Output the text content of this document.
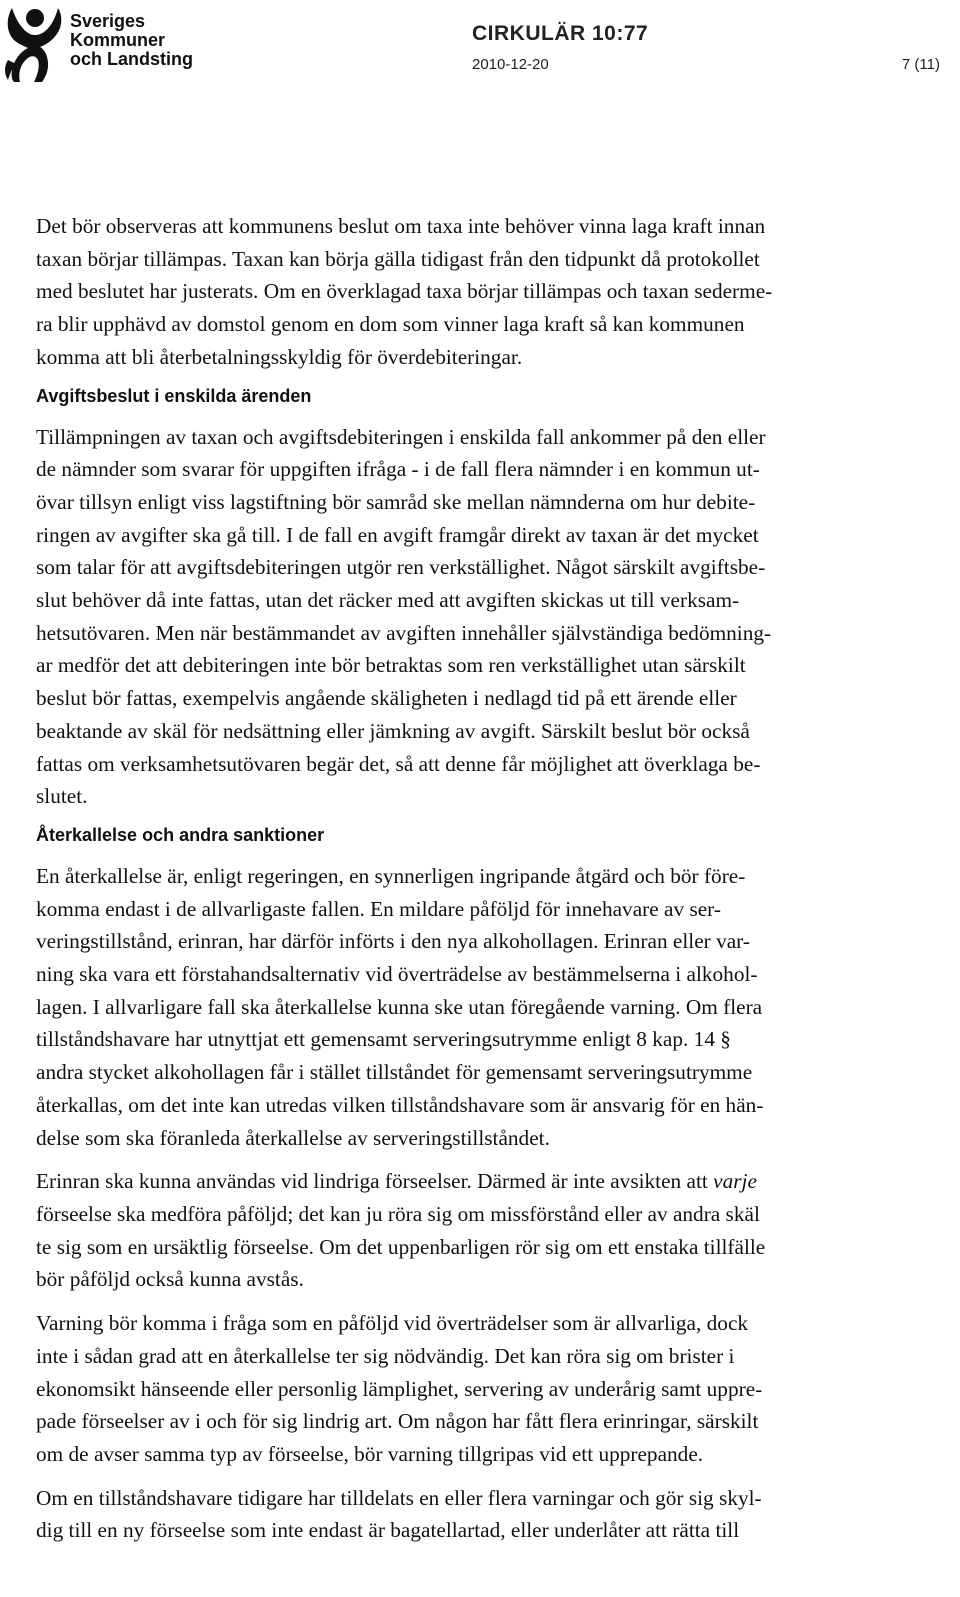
Sveriges
Kommuner
och Landsting
CIRKULÄR 10:77
2010-12-20	7 (11)
Det bör observeras att kommunens beslut om taxa inte behöver vinna laga kraft innan
taxan börjar tillämpas. Taxan kan börja gälla tidigast från den tidpunkt då protokollet
med beslutet har justerats. Om en överklagad taxa börjar tillämpas och taxan sederme-
ra blir upphävd av domstol genom en dom som vinner laga kraft så kan kommunen
komma att bli återbetalningsskyldig för överdebiteringar.
Avgiftsbeslut i enskilda ärenden
Tillämpningen av taxan och avgiftsdebiteringen i enskilda fall ankommer på den eller
de nämnder som svarar för uppgiften ifråga - i de fall flera nämnder i en kommun ut-
övar tillsyn enligt viss lagstiftning bör samråd ske mellan nämnderna om hur debite-
ringen av avgifter ska gå till. I de fall en avgift framgår direkt av taxan är det mycket
som talar för att avgiftsdebiteringen utgör ren verkställighet. Något särskilt avgiftsbe-
slut behöver då inte fattas, utan det räcker med att avgiften skickas ut till verksam-
hetsutövaren. Men när bestämmandet av avgiften innehåller självständiga bedömning-
ar medför det att debiteringen inte bör betraktas som ren verkställighet utan särskilt
beslut bör fattas, exempelvis angående skäligheten i nedlagd tid på ett ärende eller
beaktande av skäl för nedsättning eller jämkning av avgift. Särskilt beslut bör också
fattas om verksamhetsutövaren begär det, så att denne får möjlighet att överklaga be-
slutet.
Återkallelse och andra sanktioner
En återkallelse är, enligt regeringen, en synnerligen ingripande åtgärd och bör före-
komma endast i de allvarligaste fallen. En mildare påföljd för innehavare av ser-
veringstillstånd, erinran, har därför införts i den nya alkohollagen. Erinran eller var-
ning ska vara ett förstahandsalternativ vid överträdelse av bestämmelserna i alkohol-
lagen. I allvarligare fall ska återkallelse kunna ske utan föregående varning. Om flera
tillståndshavare har utnyttjat ett gemensamt serveringsutrymme enligt 8 kap. 14 §
andra stycket alkohollagen får i stället tillståndet för gemensamt serveringsutrymme
återkallas, om det inte kan utredas vilken tillståndshavare som är ansvarig för en hän-
delse som ska föranleda återkallelse av serveringstillståndet.
Erinran ska kunna användas vid lindriga förseelser. Därmed är inte avsikten att varje
förseelse ska medföra påföljd; det kan ju röra sig om missförstånd eller av andra skäl
te sig som en ursäktlig förseelse. Om det uppenbarligen rör sig om ett enstaka tillfälle
bör påföljd också kunna avstås.
Varning bör komma i fråga som en påföljd vid överträdelser som är allvarliga, dock
inte i sådan grad att en återkallelse ter sig nödvändig. Det kan röra sig om brister i
ekonomsikt hänseende eller personlig lämplighet, servering av underårig samt uppre-
pade förseelser av i och för sig lindrig art. Om någon har fått flera erinringar, särskilt
om de avser samma typ av förseelse, bör varning tillgripas vid ett upprepande.
Om en tillståndshavare tidigare har tilldelats en eller flera varningar och gör sig skyl-
dig till en ny förseelse som inte endast är bagatellartad, eller underlåter att rätta till
